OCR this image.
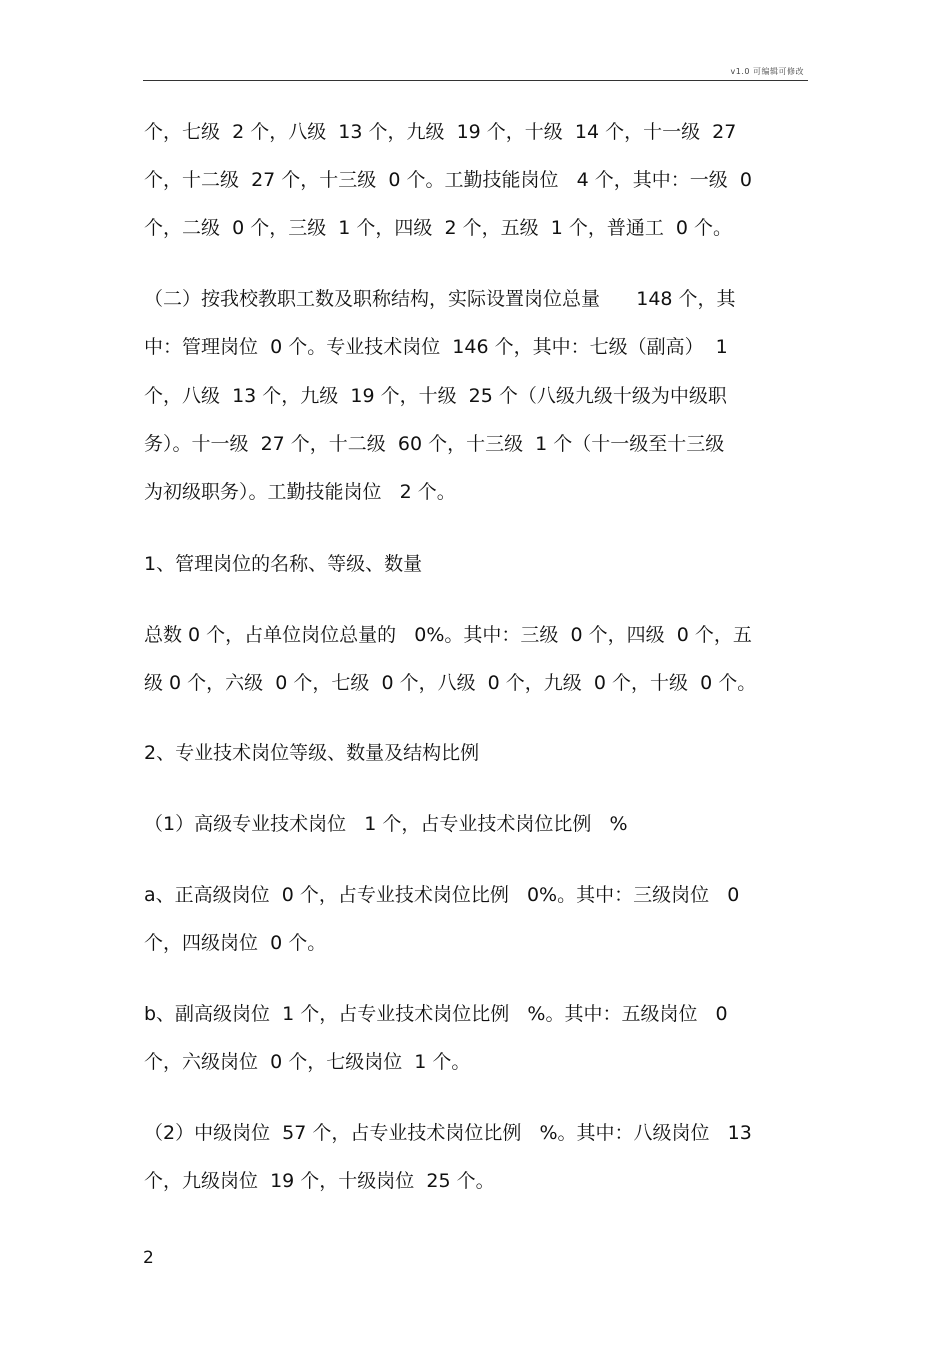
v1.0 可编辑可修改
个，七级  2 个，八级  13 个，九级  19 个，十级  14 个，十一级  27
个，十二级  27 个，十三级  0 个。工勤技能岗位   4 个，其中：一级  0
个，二级  0 个，三级  1 个，四级  2 个，五级  1 个，普通工  0 个。
（二）按我校教职工数及职称结构，实际设置岗位总量      148 个，其
中：管理岗位  0 个。专业技术岗位  146 个，其中：七级（副高）  1
个，八级  13 个，九级  19 个，十级  25 个（八级九级十级为中级职
务）。十一级  27 个，十二级  60 个，十三级  1 个（十一级至十三级
为初级职务）。工勤技能岗位   2 个。
1、管理岗位的名称、等级、数量
总数 0 个，占单位岗位总量的   0%。其中：三级  0 个，四级  0 个，五
级 0 个，六级  0 个，七级  0 个，八级  0 个，九级  0 个，十级  0 个。
2、专业技术岗位等级、数量及结构比例
（1）高级专业技术岗位   1 个，占专业技术岗位比例   %
a、正高级岗位  0 个，占专业技术岗位比例   0%。其中：三级岗位   0
个，四级岗位  0 个。
b、副高级岗位  1 个，占专业技术岗位比例   %。其中：五级岗位   0
个，六级岗位  0 个，七级岗位  1 个。
（2）中级岗位  57 个，占专业技术岗位比例   %。其中：八级岗位   13
个，九级岗位  19 个，十级岗位  25 个。
2
